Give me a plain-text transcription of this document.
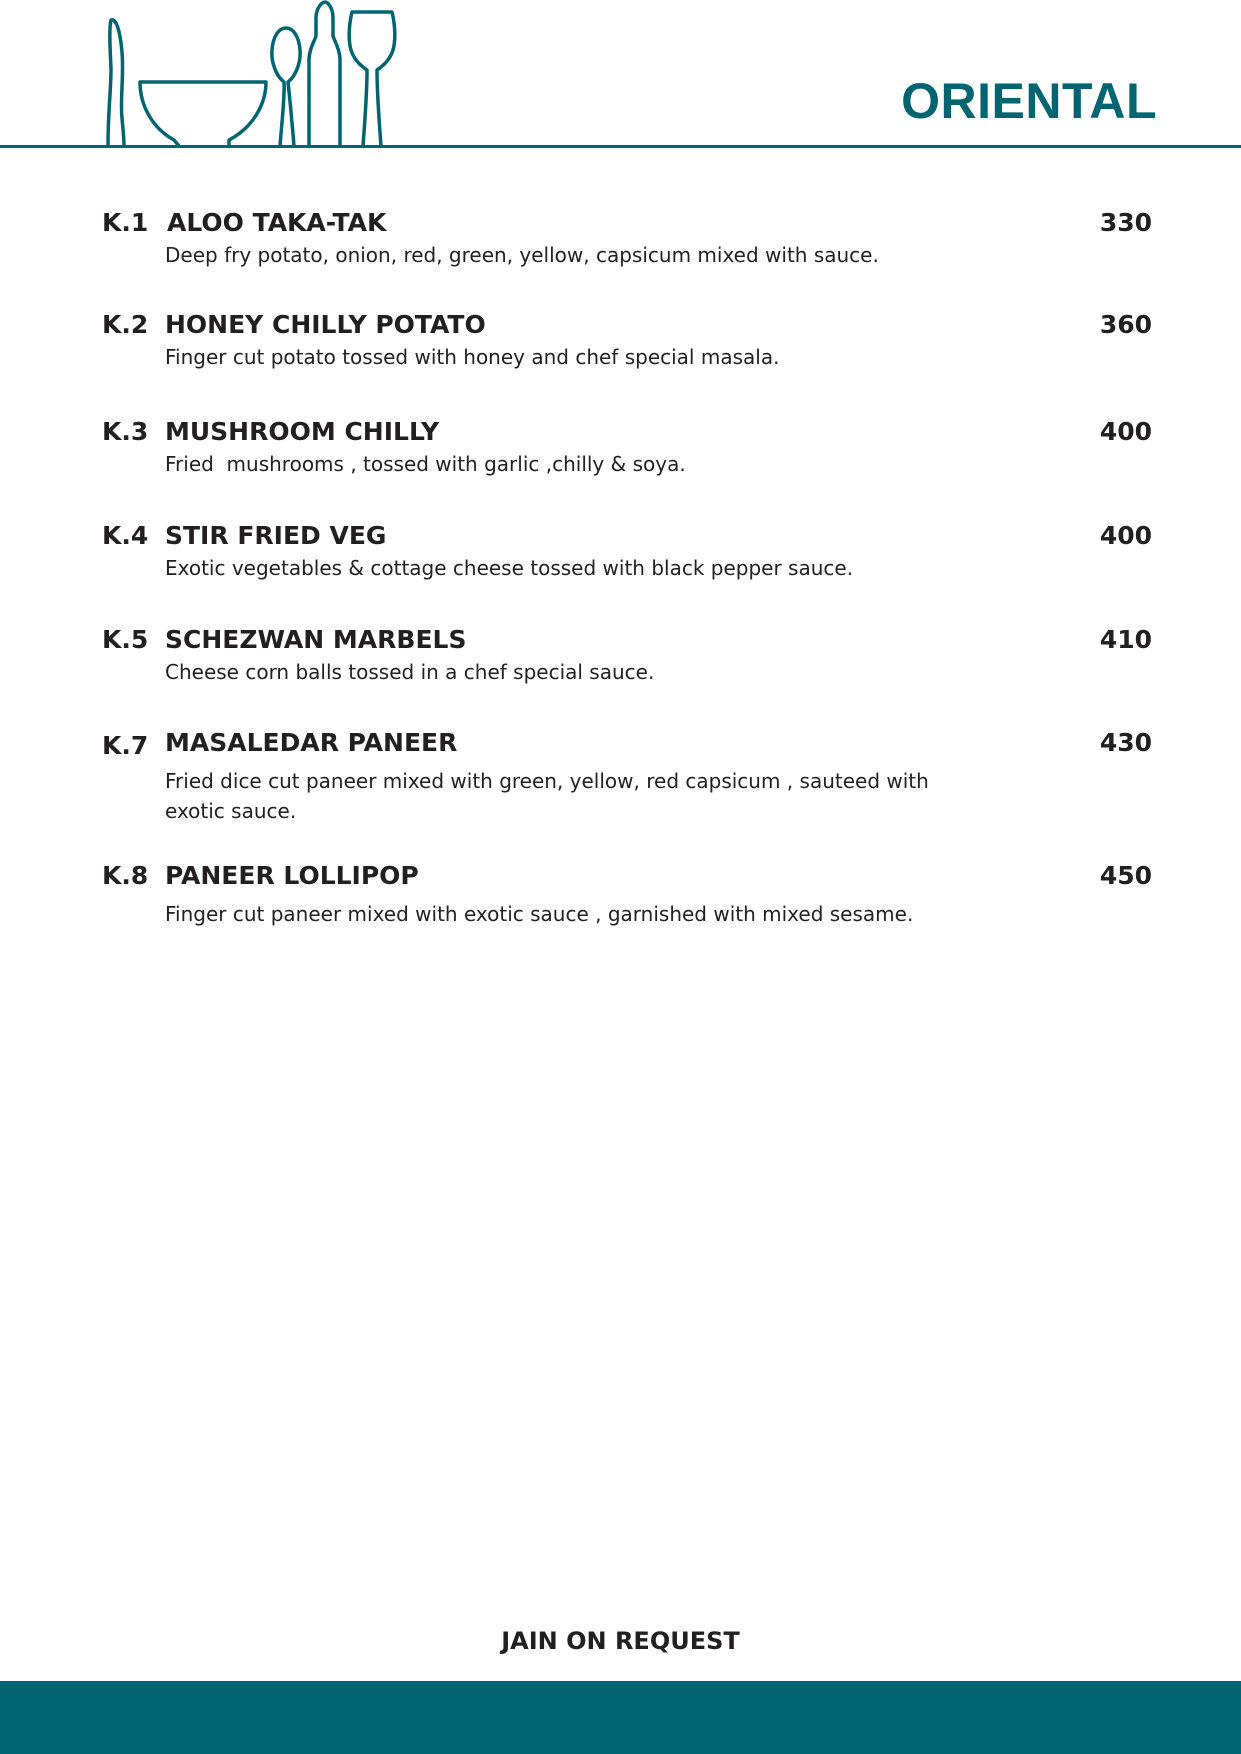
ORIENTAL
K.1 ALOO TAKA-TAK	330
Deep fry potato, onion, red, green, yellow, capsicum mixed with sauce.
K.2 HONEY CHILLY POTATO	360
Finger cut potato tossed with honey and chef special masala.
K.3 MUSHROOM CHILLY	400
Fried  mushrooms , tossed with garlic ,chilly & soya.
K.4 STIR FRIED VEG	400
Exotic vegetables & cottage cheese tossed with black pepper sauce.
K.5 SCHEZWAN MARBELS	410
Cheese corn balls tossed in a chef special sauce.
K.7 MASALEDAR PANEER	430
Fried dice cut paneer mixed with green, yellow, red capsicum , sauteed with exotic sauce.
K.8 PANEER LOLLIPOP	450
Finger cut paneer mixed with exotic sauce , garnished with mixed sesame.
JAIN ON REQUEST
